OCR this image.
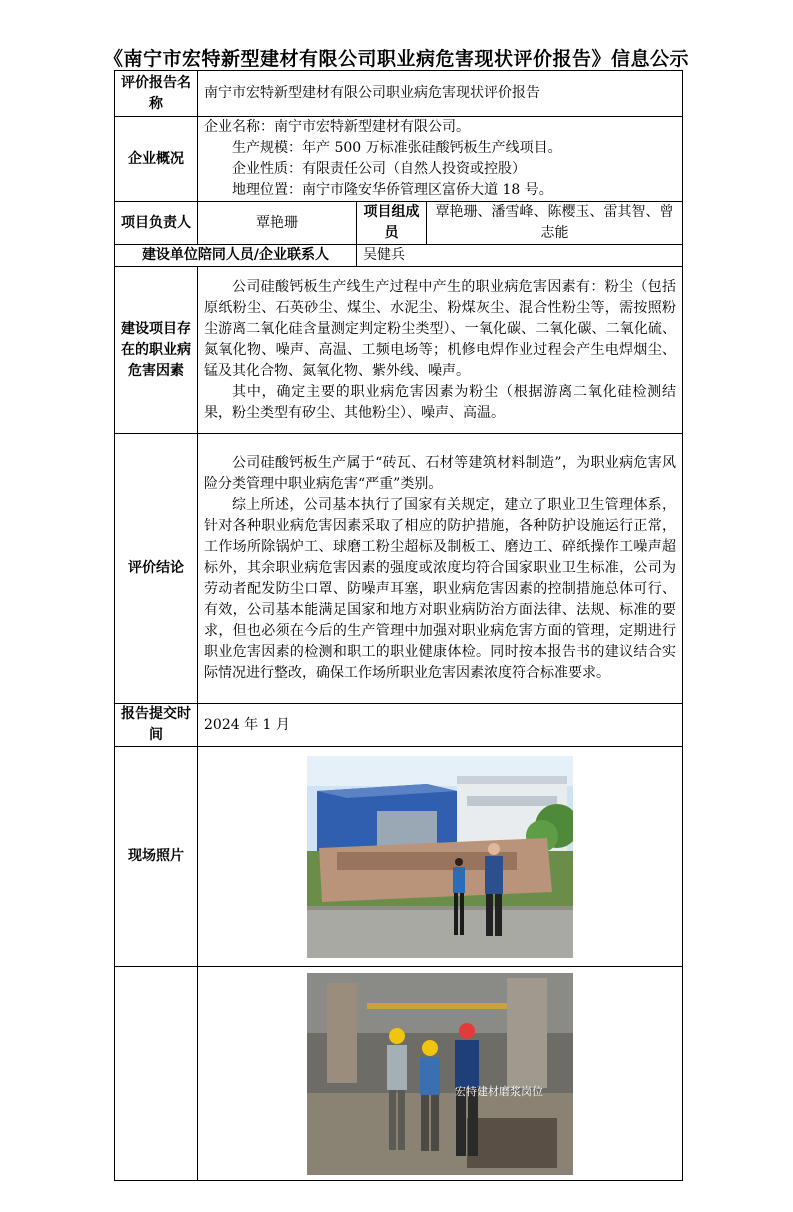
《南宁市宏特新型建材有限公司职业病危害现状评价报告》信息公示
评价报告名称	南宁市宏特新型建材有限公司职业病危害现状评价报告		
企业概况	企业名称：南宁市宏特新型建材有限公司。

生产规模：年产 500 万标准张硅酸钙板生产线项目。

企业性质：有限责任公司（自然人投资或控股）

地理位置：南宁市隆安华侨管理区富侨大道 18 号。		

项目负责人	覃艳珊	项目组成员	覃艳珊、潘雪峰、陈樱玉、雷其智、曾志能
建设单位陪同人员/企业联系人		吴健兵	
建设项目存在的职业病危害因素	公司硅酸钙板生产线生产过程中产生的职业病危害因素有：粉尘（包括原纸粉尘、石英砂尘、煤尘、水泥尘、粉煤灰尘、混合性粉尘等，需按照粉尘游离二氧化硅含量测定判定粉尘类型）、一氧化碳、二氧化碳、二氧化硫、氮氧化物、噪声、高温、工频电场等；机修电焊作业过程会产生电焊烟尘、锰及其化合物、氮氧化物、紫外线、噪声。

其中，确定主要的职业病危害因素为粉尘（根据游离二氧化硅检测结果，粉尘类型有矽尘、其他粉尘）、噪声、高温。		

评价结论	公司硅酸钙板生产属于“砖瓦、石材等建筑材料制造”，为职业病危害风险分类管理中职业病危害“严重”类别。

综上所述，公司基本执行了国家有关规定，建立了职业卫生管理体系，针对各种职业病危害因素采取了相应的防护措施，各种防护设施运行正常，工作场所除锅炉工、球磨工粉尘超标及制板工、磨边工、碎纸操作工噪声超标外，其余职业病危害因素的强度或浓度均符合国家职业卫生标准，公司为劳动者配发防尘口罩、防噪声耳塞，职业病危害因素的控制措施总体可行、有效，公司基本能满足国家和地方对职业病防治方面法律、法规、标准的要求，但也必须在今后的生产管理中加强对职业病危害方面的管理，定期进行职业危害因素的检测和职工的职业健康体检。同时按本报告书的建议结合实际情况进行整改，确保工作场所职业危害因素浓度符合标准要求。		

报告提交时间	2024 年 1 月		
现场照片	

	宏特建材磨浆岗位		
